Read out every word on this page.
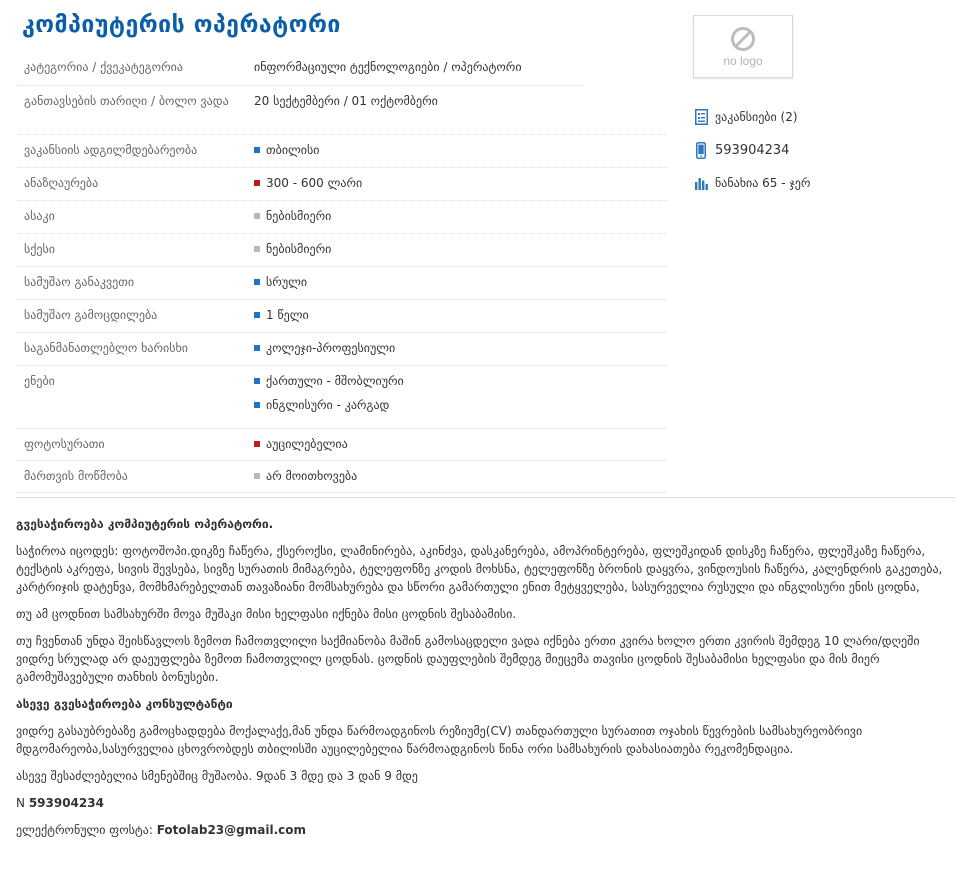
კომპიუტერის ოპერატორი
კატეგორია / ქვეკატეგორია	ინფორმაციული ტექნოლოგიები / ოპერატორი
განთავსების თარიღი / ბოლო ვადა	20 სექტემბერი / 01 ოქტომბერი
ვაკანსიის ადგილმდებარეობა	თბილისი
ანაზღაურება	300 - 600 ლარი
ასაკი	ნებისმიერი
სქესი	ნებისმიერი
სამუშაო განაკვეთი	სრული
სამუშაო გამოცდილება	1 წელი
საგანმანათლებლო ხარისხი	კოლეჯი-პროფესიული
ენები	ქართული - მშობლიური
ინგლისური - კარგად
ფოტოსურათი	აუცილებელია
მართვის მოწმობა	არ მოითხოვება
no logo
ვაკანსიები (2)
593904234
ნანახია 65 - ჯერ

გვესაჭიროება კომპიუტერის ოპერატორი.

საჭიროა იცოდეს: ფოტოშოპი.დიკზე ჩაწერა, ქსეროქსი, ლამინირება, აკინძვა, დასკანერება, ამოპრინტერება, ფლეშკიდან დისკზე ჩაწერა, ფლეშკაზე ჩაწერა, ტექსტის აკრეფა, სივის შევსება, სივზე სურათის მიმაგრება, ტელეფონზე კოდის მოხსნა, ტელეფონზე ბრონის დაყვრა, ვინდოუსის ჩაწერა, კალენდრის გაკეთება, კარტრიჯის დატენვა, მომხმარებელთან თავაზიანი მომსახურება და სწორი გამართული ენით მეტყველება, სასურველია რუსული და ინგლისური ენის ცოდნა,

თუ ამ ცოდნით სამსახურში მოვა მუშაკი მისი ხელფასი იქნება მისი ცოდნის შესაბამისი.

თუ ჩვენთან უნდა შეისწავლოს ზემოთ ჩამოთვლილი საქმიანობა მაშინ გამოსაცდელი ვადა იქნება ერთი კვირა ხოლო ერთი კვირის შემდეგ 10 ლარი/დღეში ვიდრე სრულად არ დაეუფლება ზემოთ ჩამოთვლილ ცოდნას. ცოდნის დაუფლების შემდეგ მიეცემა თავისი ცოდნის შესაბამისი ხელფასი და მის მიერ გამომუშავებული თანხის ბონუსები.

ასევე გვესაჭიროება კონსულტანტი

ვიდრე გასაუბრებაზე გამოცხადდება მოქალაქე,მან უნდა წარმოადგინოს რეზიუმე(CV) თანდართული სურათით ოჯახის წევრების სამსახურეობრივი მდგომარეობა,სასურველია ცხოვრობდეს თბილისში აუცილებელია წარმოადგინოს წინა ორი სამსახურის დახასიათება რეკომენდაცია.

ასევე შესაძლებელია სმენებშიც მუშაობა. 9დან 3 მდე და 3 დან 9 მდე

N 593904234

ელექტრონული ფოსტა: Fotolab23@gmail.com
